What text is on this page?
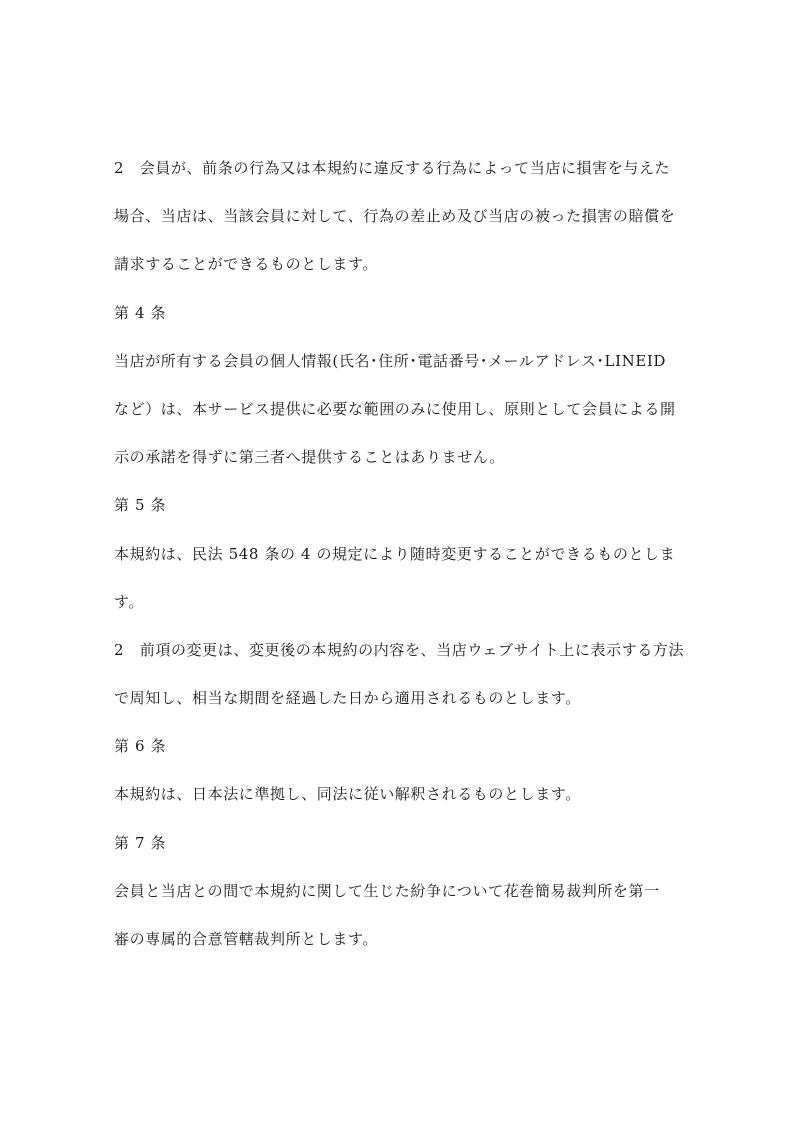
2　会員が、前条の行為又は本規約に違反する行為によって当店に損害を与えた
場合、当店は、当該会員に対して、行為の差止め及び当店の被った損害の賠償を
請求することができるものとします。
第 4 条
当店が所有する会員の個人情報(氏名･住所･電話番号･メールアドレス･LINEID
など）は、本サービス提供に必要な範囲のみに使用し、原則として会員による開
示の承諾を得ずに第三者へ提供することはありません。
第 5 条
本規約は、民法 548 条の 4 の規定により随時変更することができるものとしま
す。
2　前項の変更は、変更後の本規約の内容を、当店ウェブサイト上に表示する方法
で周知し、相当な期間を経過した日から適用されるものとします。
第 6 条
本規約は、日本法に準拠し、同法に従い解釈されるものとします。
第 7 条
会員と当店との間で本規約に関して生じた紛争について花巻簡易裁判所を第一
審の専属的合意管轄裁判所とします。
